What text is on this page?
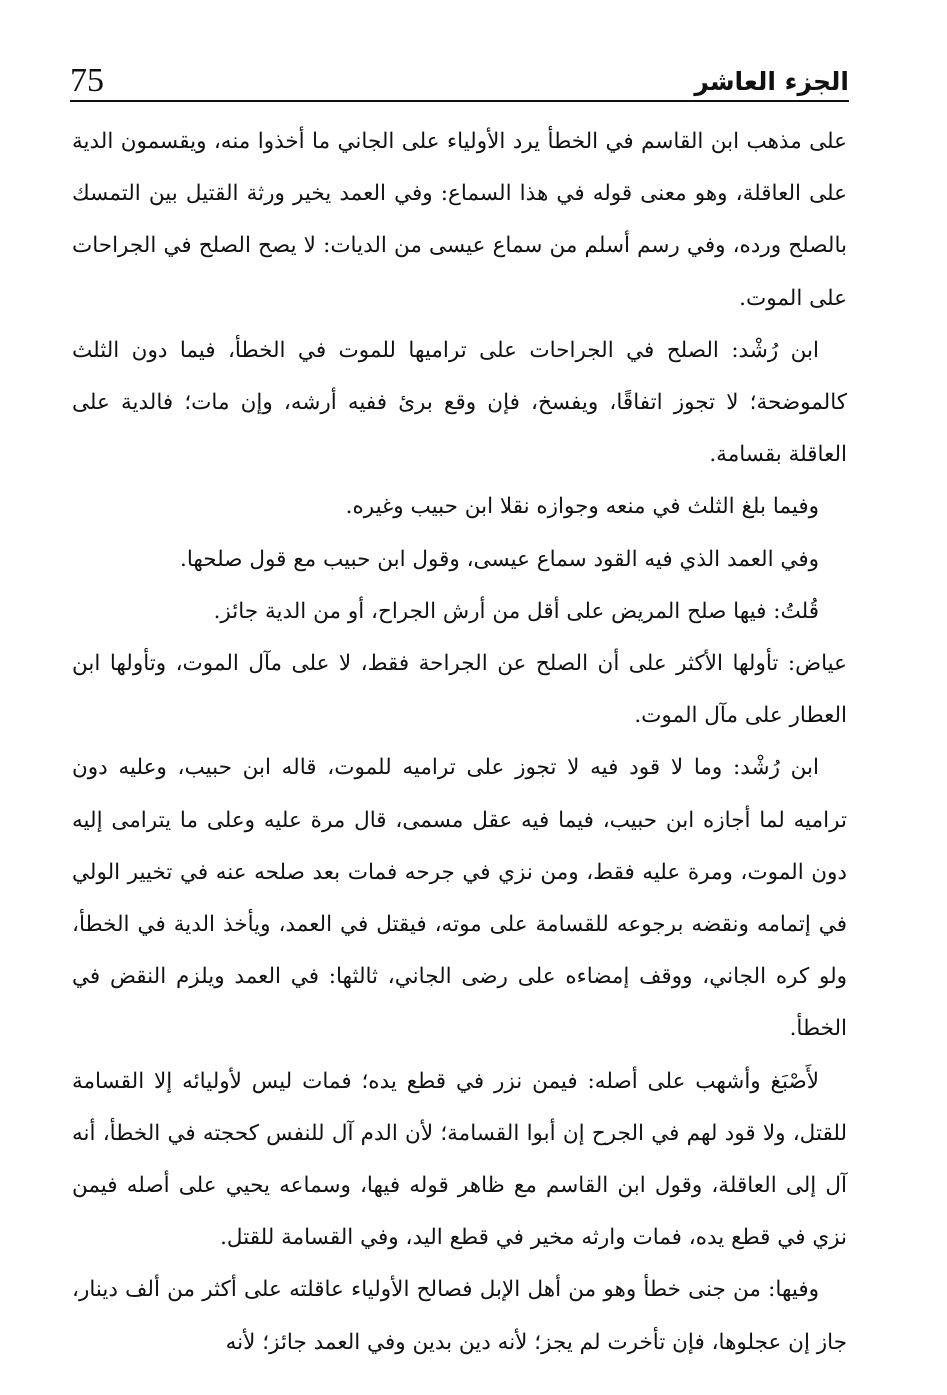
الجزء العاشر
75

على مذهب ابن القاسم في الخطأ يرد الأولياء على الجاني ما أخذوا منه، ويقسمون الدية على العاقلة، وهو معنى قوله في هذا السماع: وفي العمد يخير ورثة القتيل بين التمسك بالصلح ورده، وفي رسم أسلم من سماع عيسى من الديات: لا يصح الصلح في الجراحات على الموت.

ابن رُشْد: الصلح في الجراحات على تراميها للموت في الخطأ، فيما دون الثلث كالموضحة؛ لا تجوز اتفاقًا، ويفسخ، فإن وقع برئ ففيه أرشه، وإن مات؛ فالدية على العاقلة بقسامة.

وفيما بلغ الثلث في منعه وجوازه نقلا ابن حبيب وغيره.

وفي العمد الذي فيه القود سماع عيسى، وقول ابن حبيب مع قول صلحها.

قُلتُ: فيها صلح المريض على أقل من أرش الجراح، أو من الدية جائز.

عياض: تأولها الأكثر على أن الصلح عن الجراحة فقط، لا على مآل الموت، وتأولها ابن العطار على مآل الموت.

ابن رُشْد: وما لا قود فيه لا تجوز على تراميه للموت، قاله ابن حبيب، وعليه دون تراميه لما أجازه ابن حبيب، فيما فيه عقل مسمى، قال مرة عليه وعلى ما يترامى إليه دون الموت، ومرة عليه فقط، ومن نزي في جرحه فمات بعد صلحه عنه في تخيير الولي في إتمامه ونقضه برجوعه للقسامة على موته، فيقتل في العمد، ويأخذ الدية في الخطأ، ولو كره الجاني، ووقف إمضاءه على رضى الجاني، ثالثها: في العمد ويلزم النقض في الخطأ.

لأَصْبَغ وأشهب على أصله: فيمن نزر في قطع يده؛ فمات ليس لأوليائه إلا القسامة للقتل، ولا قود لهم في الجرح إن أبوا القسامة؛ لأن الدم آل للنفس كحجته في الخطأ، أنه آل إلى العاقلة، وقول ابن القاسم مع ظاهر قوله فيها، وسماعه يحيي على أصله فيمن نزي في قطع يده، فمات وارثه مخير في قطع اليد، وفي القسامة للقتل.

وفيها: من جنى خطأ وهو من أهل الإبل فصالح الأولياء عاقلته على أكثر من ألف دينار، جاز إن عجلوها، فإن تأخرت لم يجز؛ لأنه دين بدين وفي العمد جائز؛ لأنه
